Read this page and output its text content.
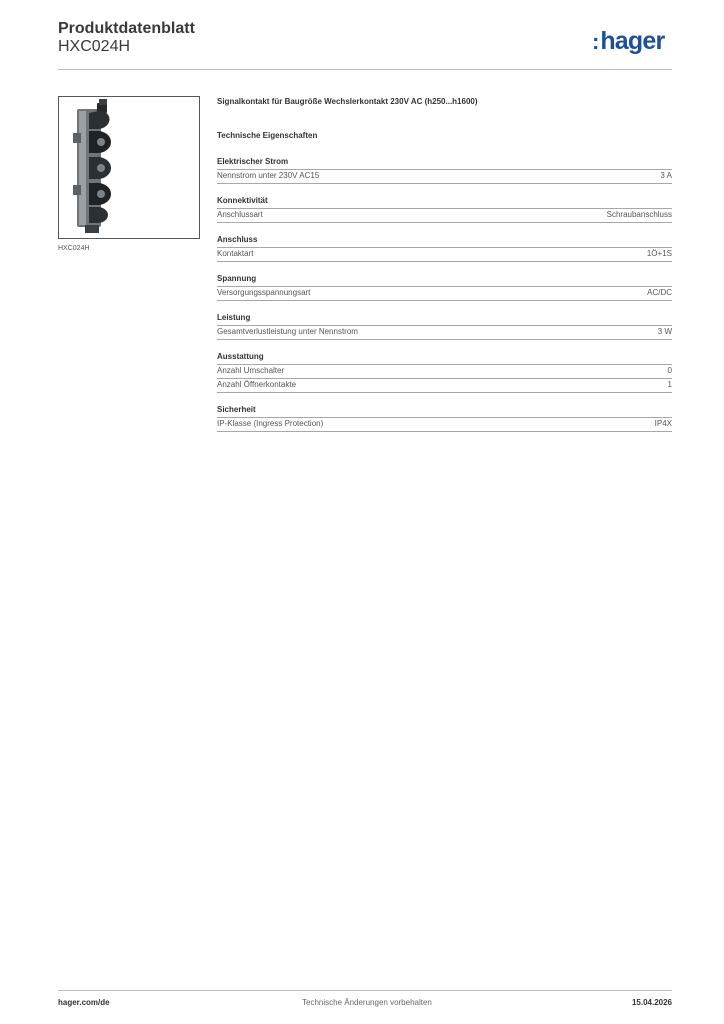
Produktdatenblatt
HXC024H	:hager
HXC024H
Signalkontakt für Baugröße Wechslerkontakt 230V AC (h250...h1600)
Technische Eigenschaften
Elektrischer Strom
Nennstrom unter 230V AC15	3 A
Konnektivität
Anschlussart	Schraubanschluss
Anschluss
Kontaktart	1Ö+1S
Spannung
Versorgungsspannungsart	AC/DC
Leistung
Gesamtverlustleistung unter Nennstrom	3 W
Ausstattung
Anzahl Umschalter	0
Anzahl Öffnerkontakte	1
Sicherheit
IP-Klasse (Ingress Protection)	IP4X
hager.com/de	Technische Änderungen vorbehalten	15.04.2026
